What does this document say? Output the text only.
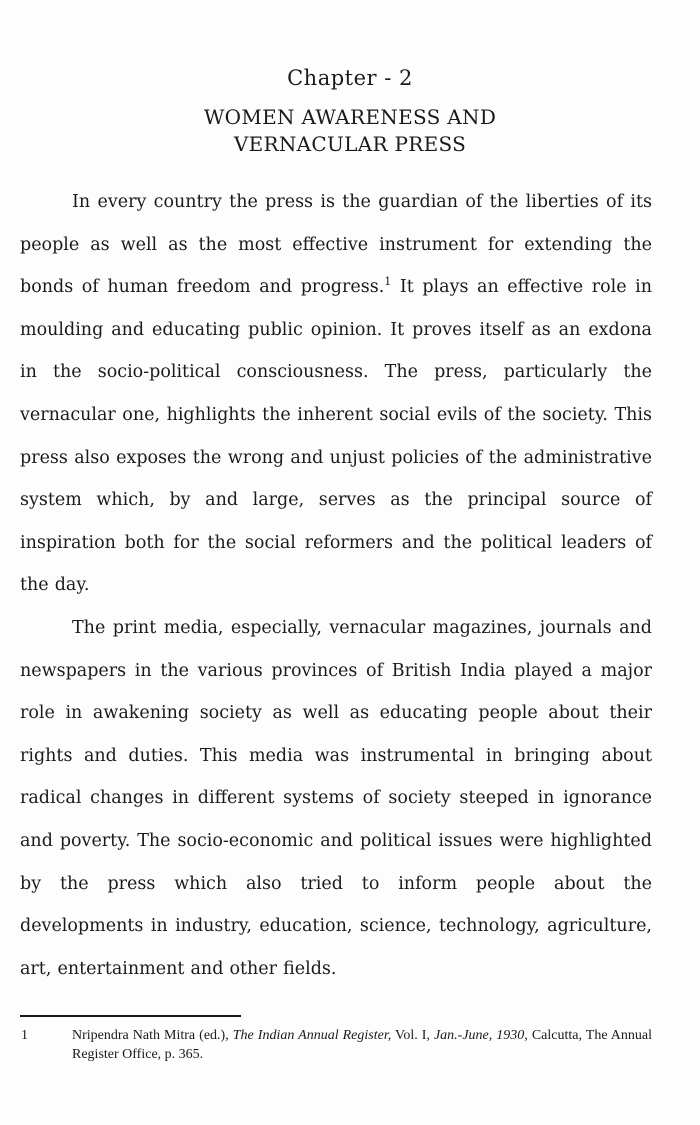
Chapter - 2
WOMEN AWARENESS AND
VERNACULAR PRESS

In every country the press is the guardian of the liberties of its people as well as the most effective instrument for extending the bonds of human freedom and progress.$^1$ It plays an effective role in moulding and educating public opinion. It proves itself as an exdona in the socio-political consciousness. The press, particularly the vernacular one, highlights the inherent social evils of the society. This press also exposes the wrong and unjust policies of the administrative system which, by and large, serves as the principal source of inspiration both for the social reformers and the political leaders of the day.

The print media, especially, vernacular magazines, journals and newspapers in the various provinces of British India played a major role in awakening society as well as educating people about their rights and duties. This media was instrumental in bringing about radical changes in different systems of society steeped in ignorance and poverty. The socio-economic and political issues were highlighted by the press which also tried to inform people about the developments in industry, education, science, technology, agriculture, art, entertainment and other fields.

1	Nripendra Nath Mitra (ed.), The Indian Annual Register, Vol. I, Jan.-June, 1930, Calcutta, The Annual Register Office, p. 365.
